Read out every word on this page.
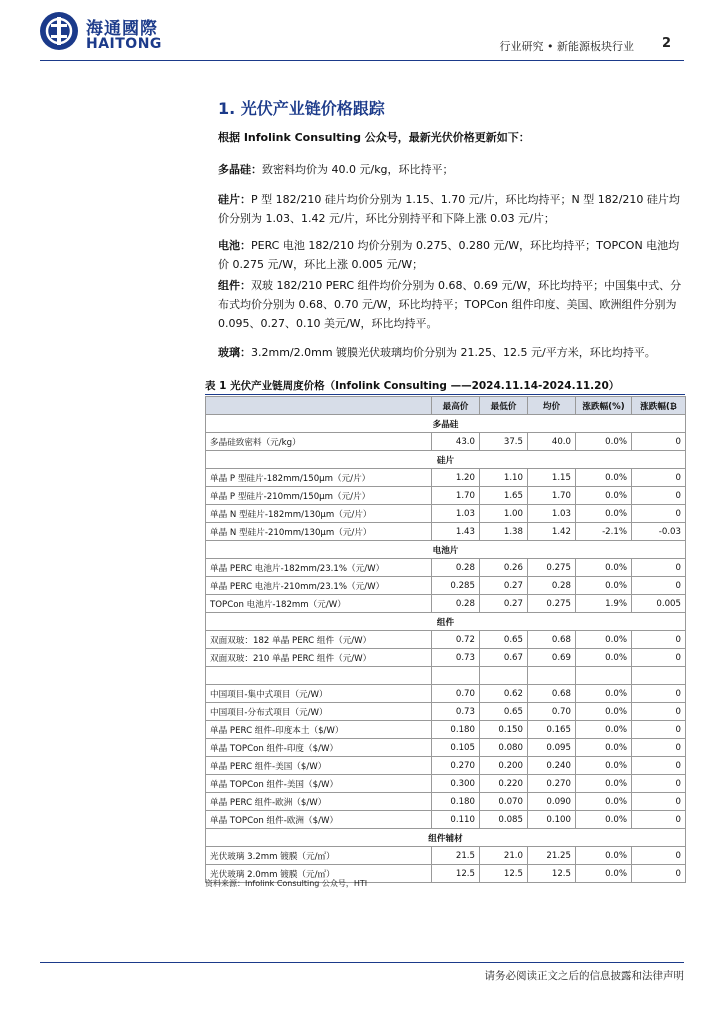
海通國際
HAITONG	行业研究 • 新能源板块行业 2
1. 光伏产业链价格跟踪
根据 Infolink Consulting 公众号，最新光伏价格更新如下：
多晶硅：致密料均价为 40.0 元/kg，环比持平；
硅片：P 型 182/210 硅片均价分别为 1.15、1.70 元/片，环比均持平；N 型 182/210 硅片均价分别为 1.03、1.42 元/片，环比分别持平和下降上涨 0.03 元/片；
电池：PERC 电池 182/210 均价分别为 0.275、0.280 元/W，环比均持平；TOPCON 电池均价 0.275 元/W，环比上涨 0.005 元/W；
组件：双玻 182/210 PERC 组件均价分别为 0.68、0.69 元/W，环比均持平；中国集中式、分布式均价分别为 0.68、0.70 元/W，环比均持平；TOPCon 组件印度、美国、欧洲组件分别为 0.095、0.27、0.10 美元/W，环比均持平。
玻璃：3.2mm/2.0mm 镀膜光伏玻璃均价分别为 21.25、12.5 元/平方米，环比均持平。
表 1 光伏产业链周度价格（Infolink Consulting ——2024.11.14-2024.11.20）
	最高价	最低价	均价	涨跌幅(%)	涨跌幅(₿
多晶硅					
多晶硅致密料（元/kg）	43.0	37.5	40.0	0.0%	0
硅片					
单晶 P 型硅片-182mm/150μm（元/片）	1.20	1.10	1.15	0.0%	0
单晶 P 型硅片-210mm/150μm（元/片）	1.70	1.65	1.70	0.0%	0
单晶 N 型硅片-182mm/130μm（元/片）	1.03	1.00	1.03	0.0%	0
单晶 N 型硅片-210mm/130μm（元/片）	1.43	1.38	1.42	-2.1%	-0.03
电池片					
单晶 PERC 电池片-182mm/23.1%（元/W）	0.28	0.26	0.275	0.0%	0
单晶 PERC 电池片-210mm/23.1%（元/W）	0.285	0.27	0.28	0.0%	0
TOPCon 电池片-182mm（元/W）	0.28	0.27	0.275	1.9%	0.005
组件					
双面双玻：182 单晶 PERC 组件（元/W）	0.72	0.65	0.68	0.0%	0
双面双玻：210 单晶 PERC 组件（元/W）	0.73	0.67	0.69	0.0%	0

中国项目-集中式项目（元/W）	0.70	0.62	0.68	0.0%	0
中国项目-分布式项目（元/W）	0.73	0.65	0.70	0.0%	0
单晶 PERC 组件-印度本土（$/W）	0.180	0.150	0.165	0.0%	0
单晶 TOPCon 组件-印度（$/W）	0.105	0.080	0.095	0.0%	0
单晶 PERC 组件-美国（$/W）	0.270	0.200	0.240	0.0%	0
单晶 TOPCon 组件-美国（$/W）	0.300	0.220	0.270	0.0%	0
单晶 PERC 组件-欧洲（$/W）	0.180	0.070	0.090	0.0%	0
单晶 TOPCon 组件-欧洲（$/W）	0.110	0.085	0.100	0.0%	0
组件辅材					
光伏玻璃 3.2mm 镀膜（元/㎡）	21.5	21.0	21.25	0.0%	0
光伏玻璃 2.0mm 镀膜（元/㎡）	12.5	12.5	12.5	0.0%	0
资料来源：Infolink Consulting 公众号，HTI
请务必阅读正文之后的信息披露和法律声明
